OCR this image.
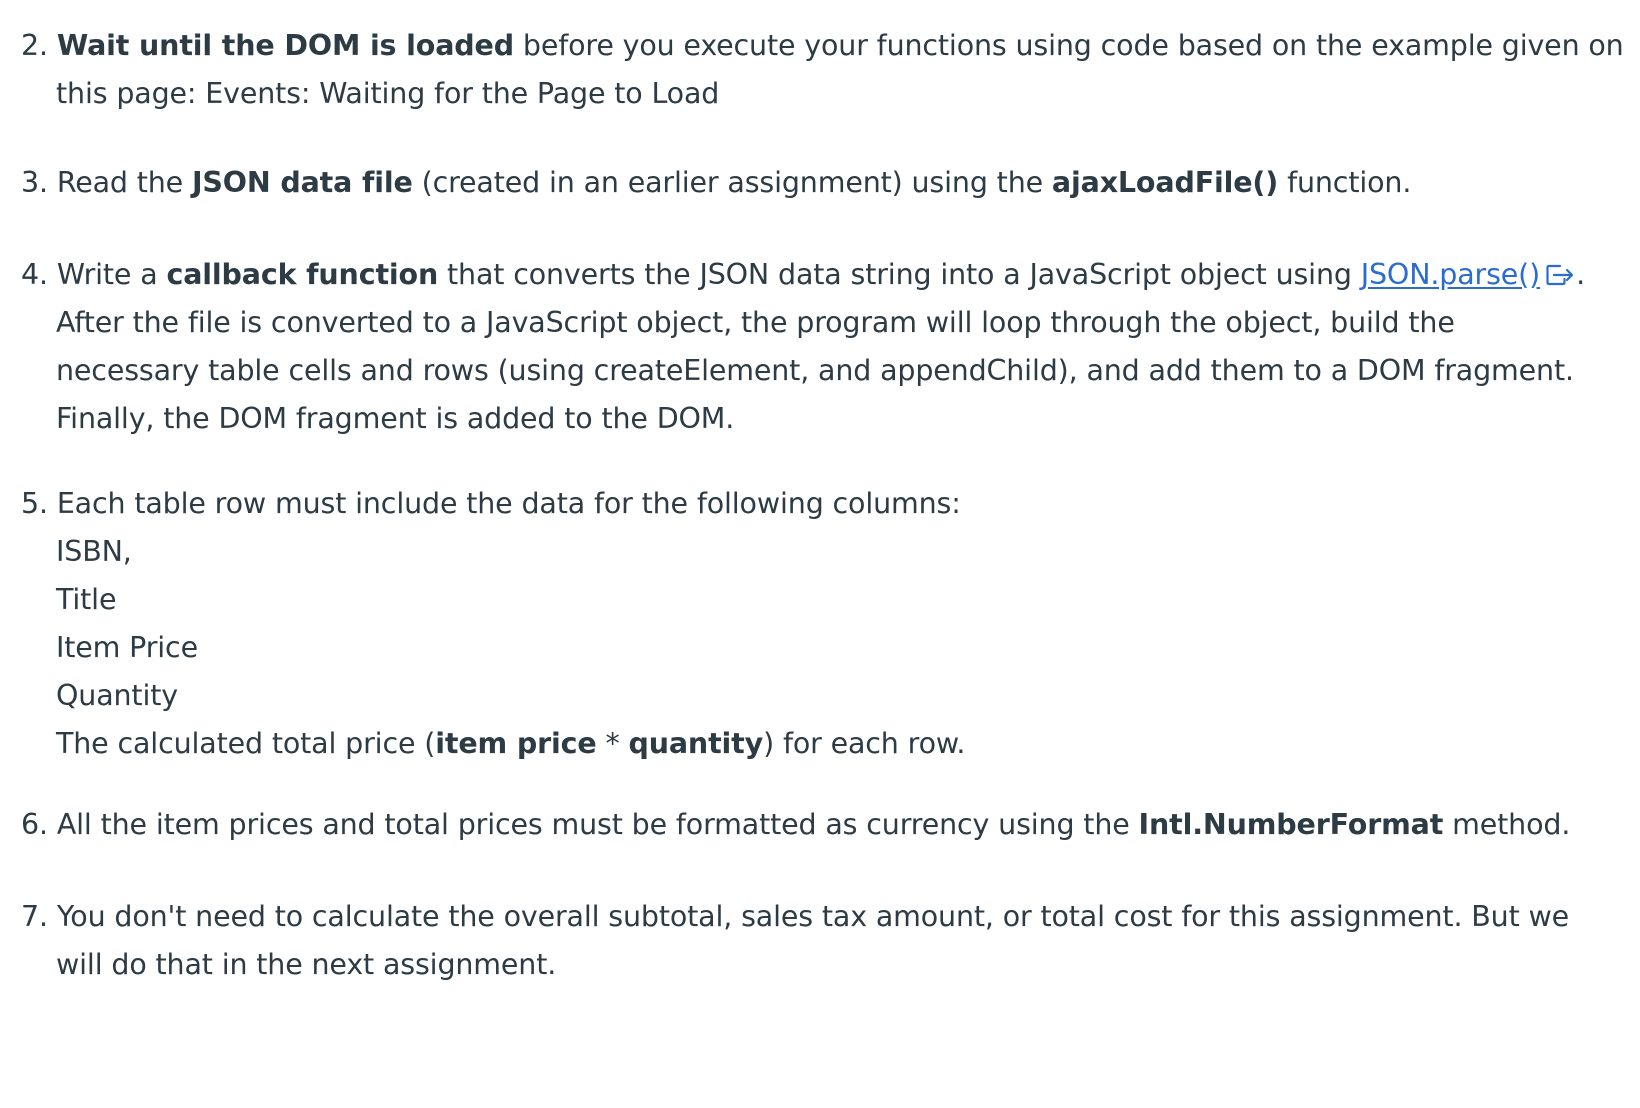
2. Wait until the DOM is loaded before you execute your functions using code based on the example given on
this page: Events: Waiting for the Page to Load
3. Read the JSON data file (created in an earlier assignment) using the ajaxLoadFile() function.
4. Write a callback function that converts the JSON data string into a JavaScript object using JSON.parse() .
After the file is converted to a JavaScript object, the program will loop through the object, build the
necessary table cells and rows (using createElement, and appendChild), and add them to a DOM fragment.
Finally, the DOM fragment is added to the DOM.
5. Each table row must include the data for the following columns:
ISBN,
Title
Item Price
Quantity
The calculated total price (item price * quantity) for each row.
6. All the item prices and total prices must be formatted as currency using the Intl.NumberFormat method.
7. You don't need to calculate the overall subtotal, sales tax amount, or total cost for this assignment. But we
will do that in the next assignment.
